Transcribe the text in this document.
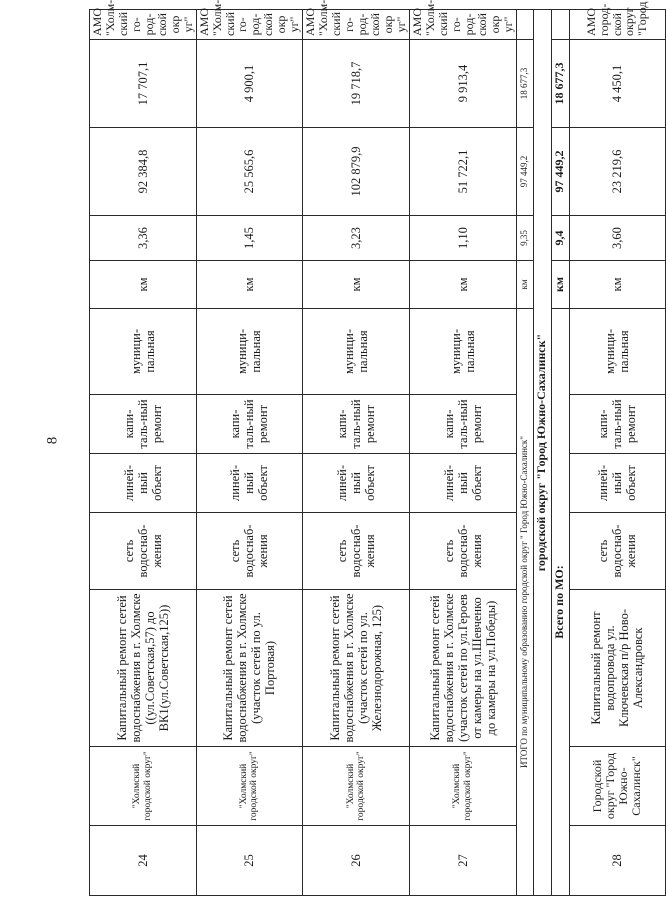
8
24	"Холмский городской округ"	Капитальный ремонт сетей водоснабжения в г. Холмске ((ул.Советская,57) до ВК1(ул.Советская,125))	сеть водоснаб-жения	линей-ный объект	капи-таль-ный ремонт	муници-пальная	км	3,36	92 384,8	17 707,1	АМО "Холм-ский го-род-ской окр уг"
25	"Холмский городской округ"	Капитальный ремонт сетей водоснабжения в г. Холмске (участок сетей по ул. Портовая)	сеть водоснаб-жения	линей-ный объект	капи-таль-ный ремонт	муници-пальная	км	1,45	25 565,6	4 900,1	АМО "Холм-ский го-род-ской окр уг"
26	"Холмский городской округ"	Капитальный ремонт сетей водоснабжения в г. Холмске (участок сетей по ул. Железнодорожная, 125)	сеть водоснаб-жения	линей-ный объект	капи-таль-ный ремонт	муници-пальная	км	3,23	102 879,9	19 718,7	АМО "Холм-ский го-род-ской окр уг"
27	"Холмский городской округ"	Капитальный ремонт сетей водоснабжения в г. Холмске (участок сетей по ул.Героев от камеры на ул.Шевченко до камеры на ул.Победы)	сеть водоснаб-жения	линей-ный объект	капи-таль-ный ремонт	муници-пальная	км	1,10	51 722,1	9 913,4	АМО "Холм-ский го-род-ской окр уг"
ИТОГО по муниципальному образованию городской округ " Город Южно-Сахалинск"							км	9,35	97 449,2	18 677,3	
городской округ "Город Южно-Сахалинск"											
Всего по МО:							км	9,4	97 449,2	18 677,3	
28	Городской округ "Город Южно-Сахалинск"	Капитальный ремонт водопровода ул. Ключевская п/р Ново-Александровск	сеть водоснаб-жения	линей-ный объект	капи-таль-ный ремонт	муници-пальная	км	3,60	23 219,6	4 450,1	АМО город-ской округ "Город
